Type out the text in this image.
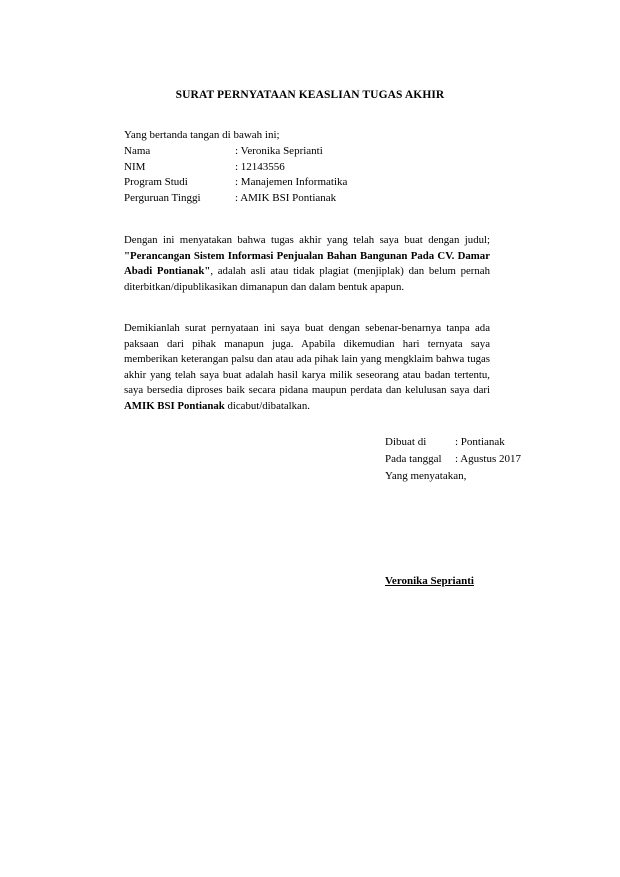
SURAT PERNYATAAN KEASLIAN TUGAS AKHIR
Yang bertanda tangan di bawah ini;
Nama	: Veronika Seprianti
NIM	: 12143556
Program Studi	: Manajemen Informatika
Perguruan Tinggi	: AMIK BSI Pontianak
Dengan ini menyatakan bahwa tugas akhir yang telah saya buat dengan judul; "Perancangan Sistem Informasi Penjualan Bahan Bangunan Pada CV. Damar Abadi Pontianak", adalah asli atau tidak plagiat (menjiplak) dan belum pernah diterbitkan/dipublikasikan dimanapun dan dalam bentuk apapun.
Demikianlah surat pernyataan ini saya buat dengan sebenar-benarnya tanpa ada paksaan dari pihak manapun juga. Apabila dikemudian hari ternyata saya memberikan keterangan palsu dan atau ada pihak lain yang mengklaim bahwa tugas akhir yang telah saya buat adalah hasil karya milik seseorang atau badan tertentu, saya bersedia diproses baik secara pidana maupun perdata dan kelulusan saya dari AMIK BSI Pontianak dicabut/dibatalkan.
Dibuat di	: Pontianak
Pada tanggal	: Agustus 2017
Yang menyatakan,
Veronika Seprianti
